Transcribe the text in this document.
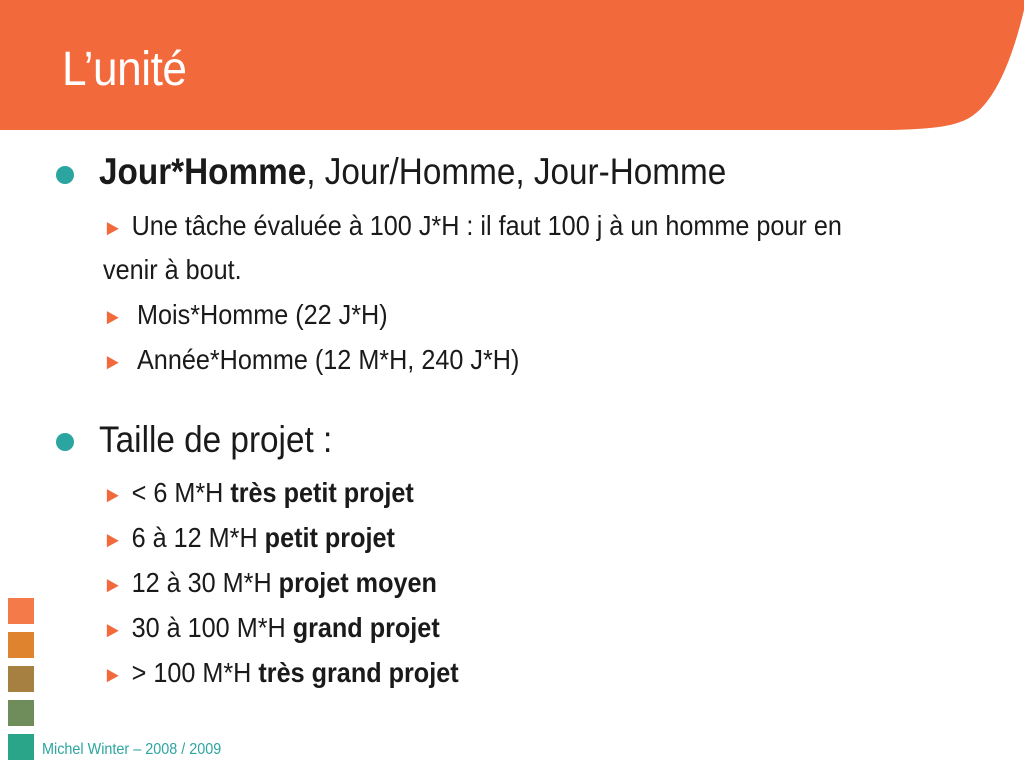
L’unité
Jour*Homme, Jour/Homme, Jour-Homme
► Une tâche évaluée à 100 J*H : il faut 100 j à un homme pour en
venir à bout.
► Mois*Homme (22 J*H)
► Année*Homme (12 M*H, 240 J*H)
Taille de projet :
► < 6 M*H très petit projet
► 6 à 12 M*H petit projet
► 12 à 30 M*H projet moyen
► 30 à 100 M*H grand projet
► > 100 M*H très grand projet
Michel Winter – 2008 / 2009
